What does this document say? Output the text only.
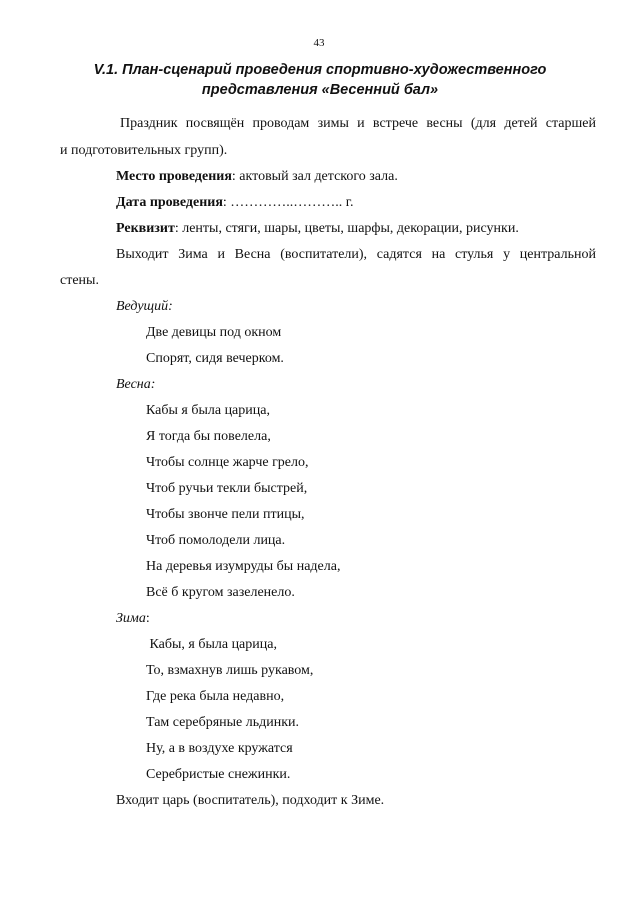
43
V.1. План-сценарий проведения спортивно-художественного
представления «Весенний бал»
Праздник посвящён проводам зимы и встрече весны (для детей старшей
и подготовительных групп).
Место проведения: актовый зал детского зала.
Дата проведения: …………..……….. г.
Реквизит: ленты, стяги, шары, цветы, шарфы, декорации, рисунки.
Выходит Зима и Весна (воспитатели), садятся на стулья у центральной
стены.
Ведущий:
Две девицы под окном
Спорят, сидя вечерком.
Весна:
Кабы я была царица,
Я тогда бы повелела,
Чтобы солнце жарче грело,
Чтоб ручьи текли быстрей,
Чтобы звонче пели птицы,
Чтоб помолодели лица.
На деревья изумруды бы надела,
Всё б кругом зазеленело.
Зима:
Кабы, я была царица,
То, взмахнув лишь рукавом,
Где река была недавно,
Там серебряные льдинки.
Ну, а в воздухе кружатся
Серебристые снежинки.
Входит царь (воспитатель), подходит к Зиме.
